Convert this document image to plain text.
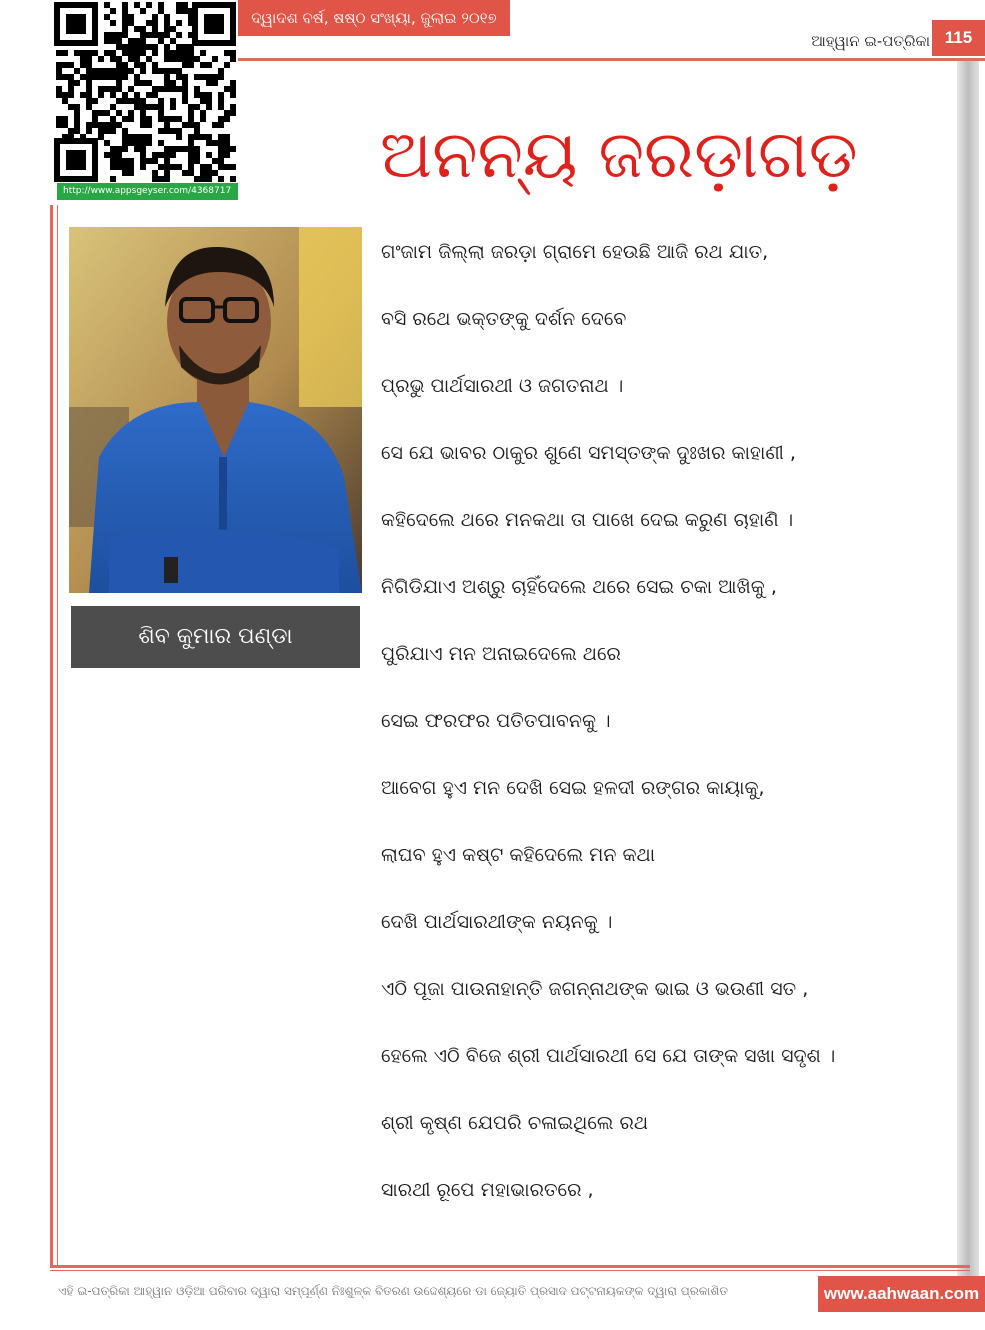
http://www.appsgeyser.com/4368717
ଦ୍ୱାଦଶ ବର୍ଷ, ଷଷ୍ଠ ସଂଖ୍ୟା, ଜୁଲାଇ ୨୦୧୭
ଆହ୍ୱାନ ଇ-ପତ୍ରିକା 115
ଅନନ୍ୟ ଜରଡ଼ାଗଡ଼
ଶିବ କୁମାର ପଣ୍ଡା
ଗଂଜାମ ଜିଲ୍ଲା ଜରଡ଼ା ଗ୍ରାମେ ହେଉଛି ଆଜି ରଥ ଯାତ,
ବସି ରଥେ ଭକ୍ତଙ୍କୁ ଦର୍ଶନ ଦେବେ
ପ୍ରଭୁ ପାର୍ଥସାରଥୀ ଓ ଜଗତନାଥ ।
ସେ ଯେ ଭାବର ଠାକୁର ଶୁଣେ ସମସ୍ତଙ୍କ ଦୁଃଖର କାହାଣୀ ,
କହିଦେଲେ ଥରେ ମନକଥା ତା ପାଖେ ଦେଇ କରୁଣ ଚାହାଣି ।
ନିଗିଡିଯାଏ ଅଶ୍ରୁ ଚାହିଁଦେଲେ ଥରେ ସେଇ ଚକା ଆଖିକୁ ,
ପୁରିଯାଏ ମନ ଅନାଇଦେଲେ ଥରେ
ସେଇ ଫରଫର ପତିତପାବନକୁ ।
ଆବେଗ ହୁଏ ମନ ଦେଖି ସେଇ ହଳଦୀ ରଙ୍ଗର କାୟାକୁ,
ଲାଘବ ହୁଏ କଷ୍ଟ କହିଦେଲେ ମନ କଥା
ଦେଖି ପାର୍ଥସାରଥୀଙ୍କ ନୟନକୁ ।
ଏଠି ପୂଜା ପାଉନାହାନ୍ତି ଜଗନ୍ନାଥଙ୍କ ଭାଇ ଓ ଭଉଣୀ ସତ ,
ହେଲେ ଏଠି ବିଜେ ଶ୍ରୀ ପାର୍ଥସାରଥୀ ସେ ଯେ ତାଙ୍କ ସଖା ସଦୃଶ ।
ଶ୍ରୀ କୃଷ୍ଣ ଯେପରି ଚଳାଇଥିଲେ ରଥ
ସାରଥୀ ରୂପେ ମହାଭାରତରେ ,
ଏହି ଇ-ପତ୍ରିକା ଆହ୍ୱାନ ଓଡ଼ିଆ ପରିବାର ଦ୍ୱାରା ସମ୍ପୂର୍ଣ୍ଣ ନିଃଶୁଳ୍କ ବିତରଣ ଉଦ୍ଦେଶ୍ୟରେ ଡା ଜ୍ୟୋତି ପ୍ରସାଦ ପଟ୍ଟନାୟକଙ୍କ ଦ୍ୱାରା ପ୍ରକାଶିତ	www.aahwaan.com
